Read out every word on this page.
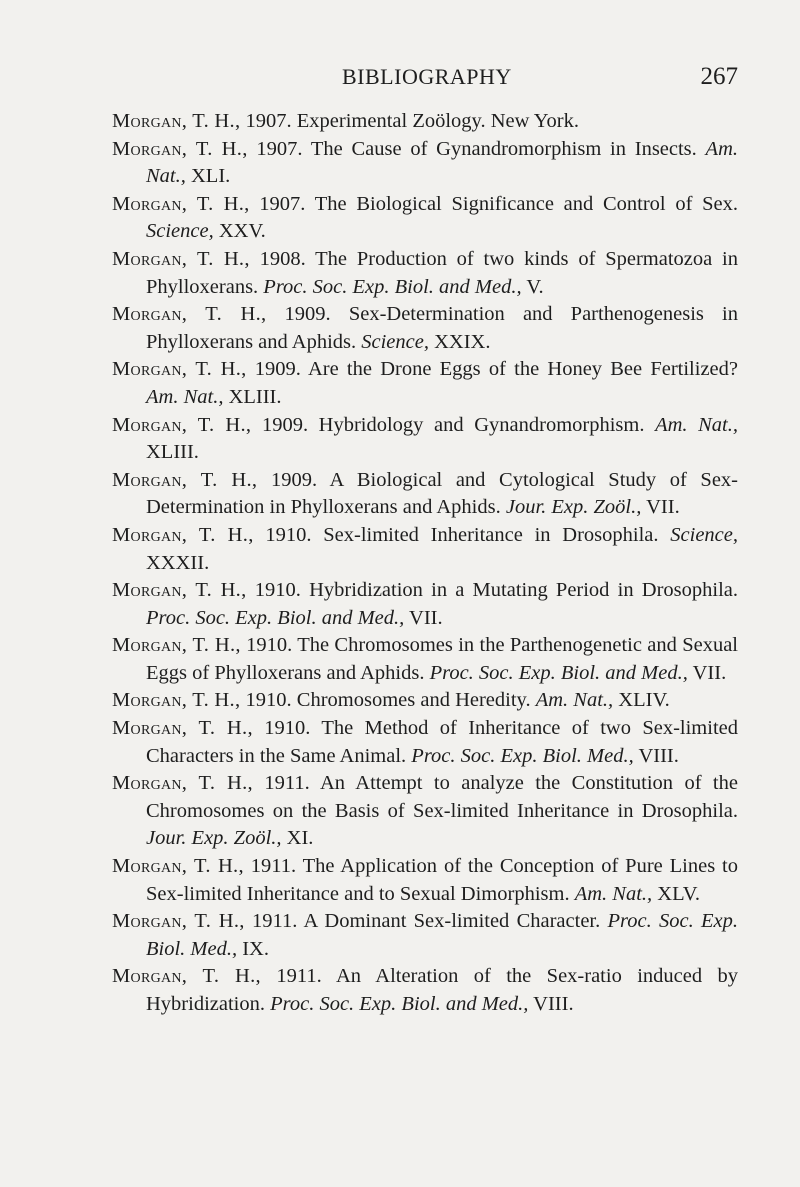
BIBLIOGRAPHY	267

Morgan, T. H., 1907. Experimental Zoölogy. New York.

Morgan, T. H., 1907. The Cause of Gynandromorphism in Insects. Am. Nat., XLI.

Morgan, T. H., 1907. The Biological Significance and Control of Sex. Science, XXV.

Morgan, T. H., 1908. The Production of two kinds of Spermatozoa in Phylloxerans. Proc. Soc. Exp. Biol. and Med., V.

Morgan, T. H., 1909. Sex-Determination and Parthenogenesis in Phylloxerans and Aphids. Science, XXIX.

Morgan, T. H., 1909. Are the Drone Eggs of the Honey Bee Fertilized? Am. Nat., XLIII.

Morgan, T. H., 1909. Hybridology and Gynandromorphism. Am. Nat., XLIII.

Morgan, T. H., 1909. A Biological and Cytological Study of Sex-Determination in Phylloxerans and Aphids. Jour. Exp. Zoöl., VII.

Morgan, T. H., 1910. Sex-limited Inheritance in Drosophila. Science, XXXII.

Morgan, T. H., 1910. Hybridization in a Mutating Period in Drosophila. Proc. Soc. Exp. Biol. and Med., VII.

Morgan, T. H., 1910. The Chromosomes in the Parthenogenetic and Sexual Eggs of Phylloxerans and Aphids. Proc. Soc. Exp. Biol. and Med., VII.

Morgan, T. H., 1910. Chromosomes and Heredity. Am. Nat., XLIV.

Morgan, T. H., 1910. The Method of Inheritance of two Sex-limited Characters in the Same Animal. Proc. Soc. Exp. Biol. Med., VIII.

Morgan, T. H., 1911. An Attempt to analyze the Constitution of the Chromosomes on the Basis of Sex-limited Inheritance in Drosophila. Jour. Exp. Zoöl., XI.

Morgan, T. H., 1911. The Application of the Conception of Pure Lines to Sex-limited Inheritance and to Sexual Dimorphism. Am. Nat., XLV.

Morgan, T. H., 1911. A Dominant Sex-limited Character. Proc. Soc. Exp. Biol. Med., IX.

Morgan, T. H., 1911. An Alteration of the Sex-ratio induced by Hybridization. Proc. Soc. Exp. Biol. and Med., VIII.
